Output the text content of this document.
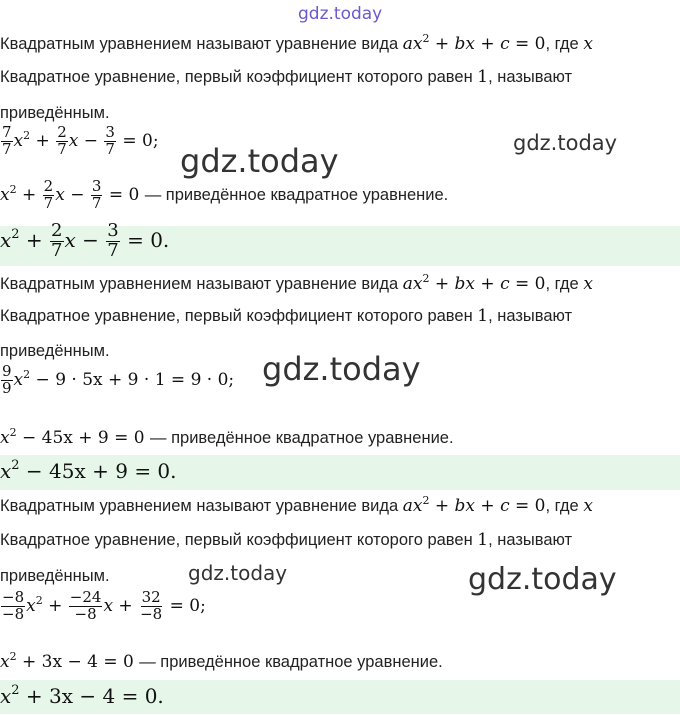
gdz.today
Квадратным уравнением называют уравнение вида $ax^2$ + bx + c = 0, где x
Квадратное уравнение, первый коэффициент которого равен 1, называют
приведённым.
$\frac{7}{7} x^2 + \frac{2}{7}$ $x - \frac{3}{7} = 0$;
gdz.today	gdz.today
$x^2 + \frac{2}{7}$ $x - \frac{3}{7} = 0$ — приведённое квадратное уравнение.
$x^2 + \frac{2}{7}$ $x - \frac{3}{7} = 0$.
Квадратным уравнением называют уравнение вида $ax^2$ + bx + c = 0, где x
Квадратное уравнение, первый коэффициент которого равен 1, называют
приведённым.
$\frac{9}{9} x^2 - 9 \cdot 5x + 9 \cdot 1 = 9 \cdot 0$; gdz.today
$x^2 - 45x + 9 = 0$ — приведённое квадратное уравнение.
$x^2 - 45x + 9 = 0$.
Квадратным уравнением называют уравнение вида $ax^2$ + bx + c = 0, где x
Квадратное уравнение, первый коэффициент которого равен 1, называют
приведённым.	gdz.today	gdz.today
$\frac{-8}{-8} x^2 + \frac{-24}{-8}$ $x + \frac{32}{-8} = 0$;
$x^2 + 3x - 4 = 0$ — приведённое квадратное уравнение.
$x^2 + 3x - 4 = 0$.
